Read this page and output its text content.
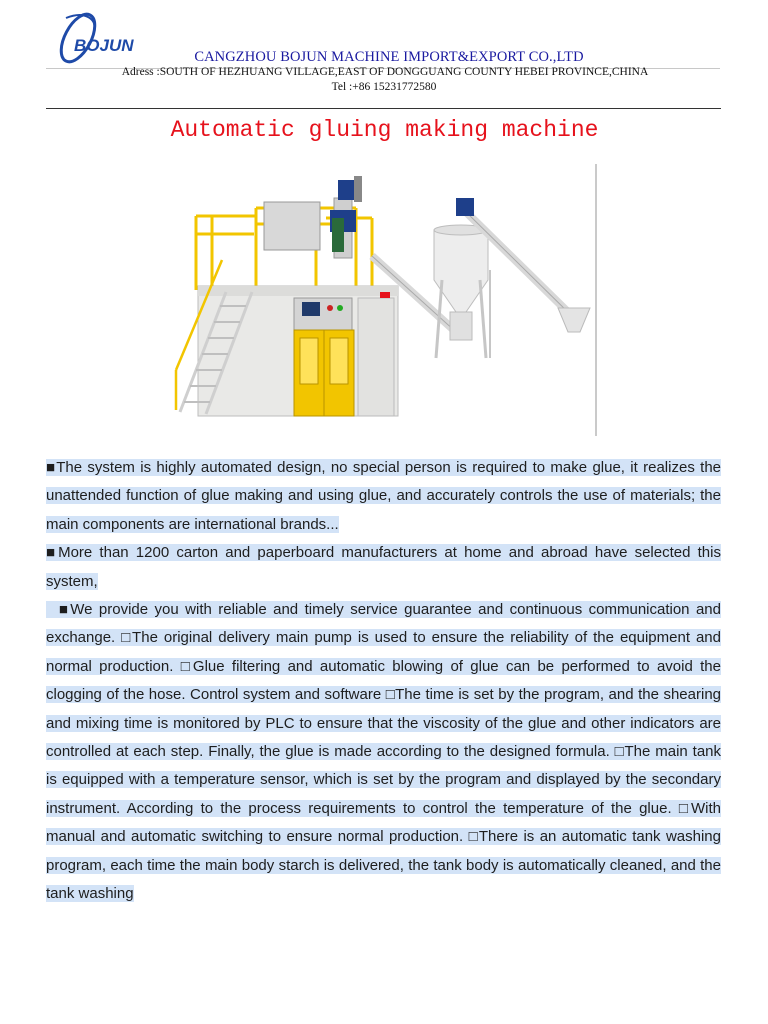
BOJUN
CANGZHOU BOJUN MACHINE IMPORT&EXPORT CO.,LTD
Adress :SOUTH OF HEZHUANG VILLAGE,EAST OF DONGGUANG COUNTY HEBEI PROVINCE,CHINA
Tel :+86 15231772580
Automatic gluing making machine

■The system is highly automated design, no special person is required to make glue, it realizes the unattended function of glue making and using glue, and accurately controls the use of materials; the main components are international brands...

■More than 1200 carton and paperboard manufacturers at home and abroad have selected this system,

■We provide you with reliable and timely service guarantee and continuous communication and exchange. □The original delivery main pump is used to ensure the reliability of the equipment and normal production. □Glue filtering and automatic blowing of glue can be performed to avoid the clogging of the hose. Control system and software □The time is set by the program, and the shearing and mixing time is monitored by PLC to ensure that the viscosity of the glue and other indicators are controlled at each step. Finally, the glue is made according to the designed formula. □The main tank is equipped with a temperature sensor, which is set by the program and displayed by the secondary instrument. According to the process requirements to control the temperature of the glue. □With manual and automatic switching to ensure normal production. □There is an automatic tank washing program, each time the main body starch is delivered, the tank body is automatically cleaned, and the tank washing
